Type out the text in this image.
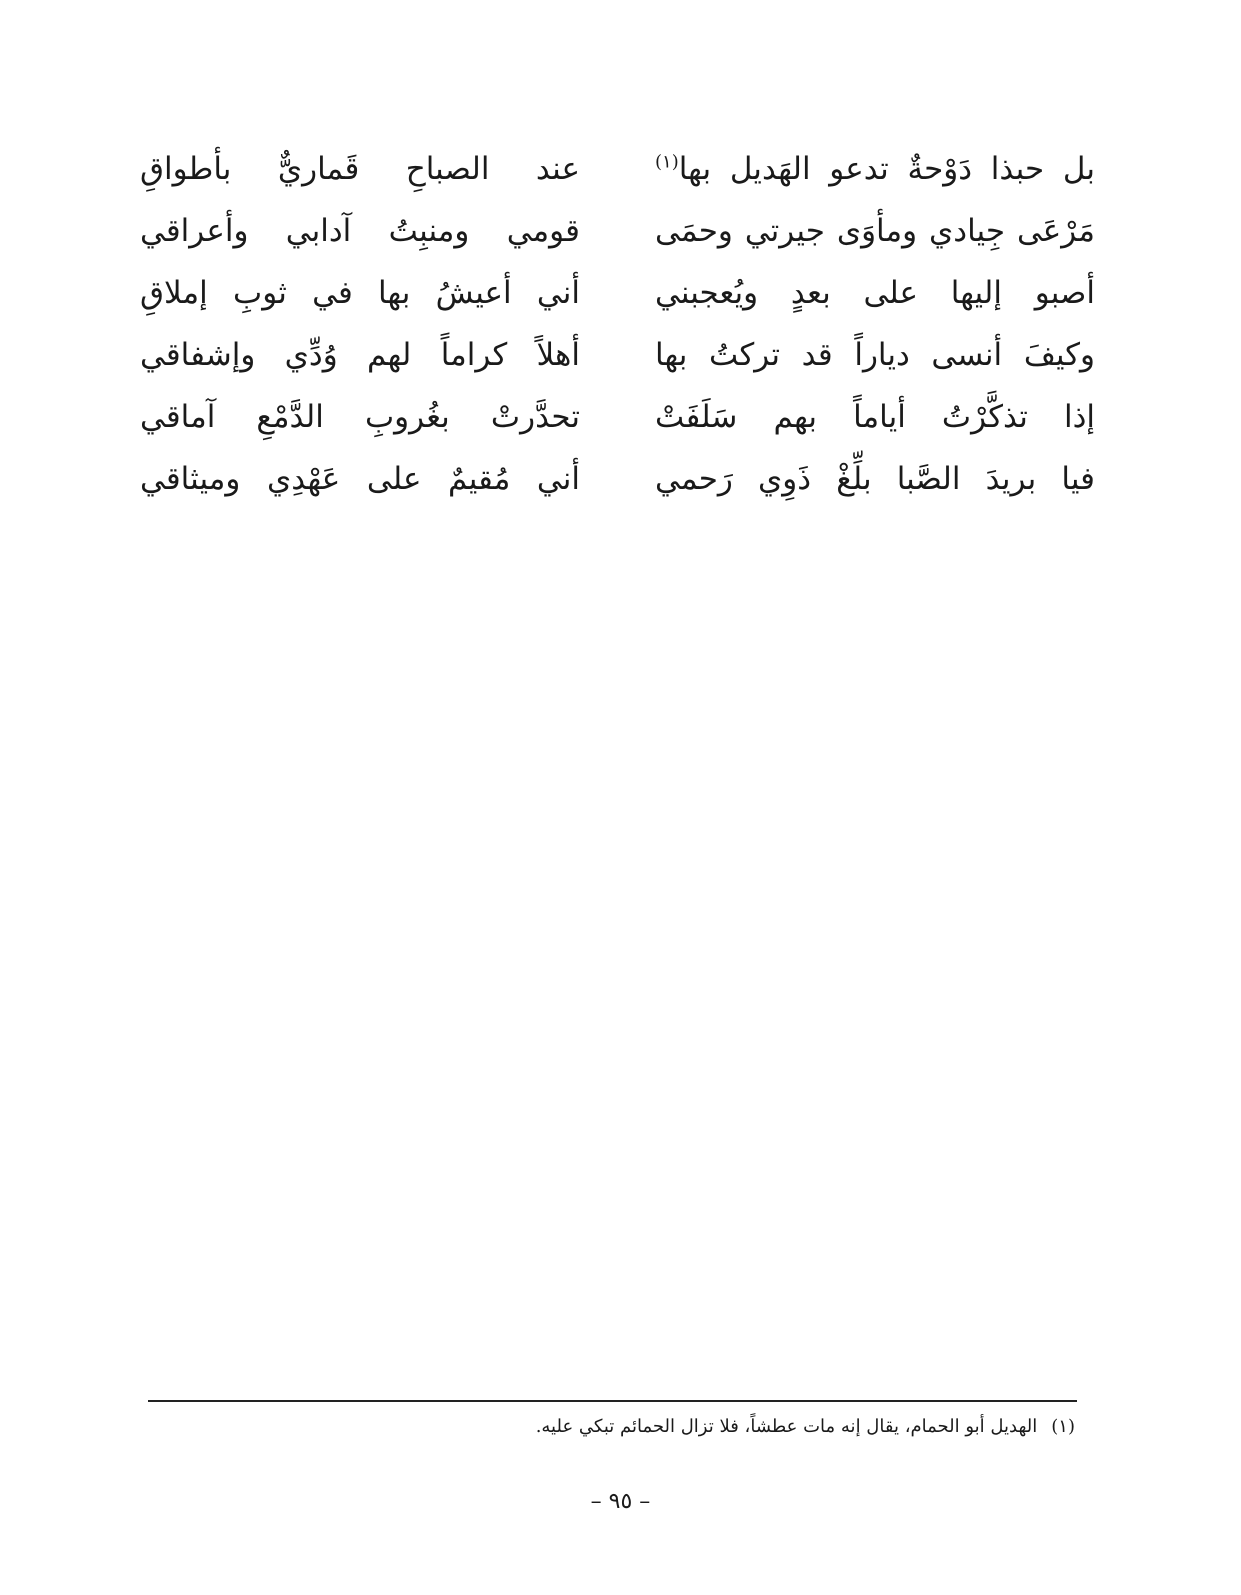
بل حبذا دَوْحةٌ تدعو الهَديل بها$^{(١)}$
عند الصباحِ قَماريٌّ بأطواقِ
مَرْعَى جِيادي ومأوَى جيرتي وحمَى
قومي ومنبِتُ آدابي وأعراقي
أصبو إليها على بعدٍ ويُعجبني
أني أعيشُ بها في ثوبِ إملاقِ
وكيفَ أنسى دياراً قد تركتُ بها
أهلاً كراماً لهم وُدِّي وإشفاقي
إذا تذكَّرْتُ أياماً بهم سَلَفَتْ
تحدَّرتْ بغُروبِ الدَّمْعِ آماقي
فيا بريدَ الصَّبا بلِّغْ ذَوِي رَحمي
أني مُقيمٌ على عَهْدِي وميثاقي
(١)الهديل أبو الحمام، يقال إنه مات عطشاً، فلا تزال الحمائم تبكي عليه.
– ٩٥ –
